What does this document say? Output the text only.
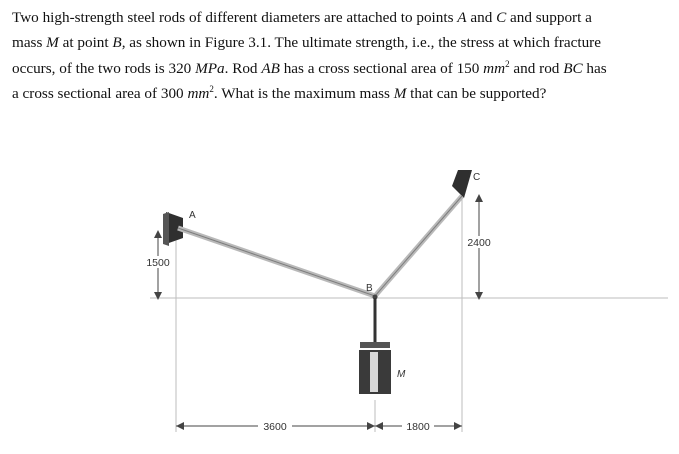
Two high-strength steel rods of different diameters are attached to points A and C and support a

mass M at point B, as shown in Figure 3.1. The ultimate strength, i.e., the stress at which fracture

occurs, of the two rods is 320 MPa. Rod AB has a cross sectional area of 150 $mm^2$ and rod BC has

a cross sectional area of 300 $mm^2$. What is the maximum mass M that can be supported?

1500
2400
3600	1800
A
B
C
M
